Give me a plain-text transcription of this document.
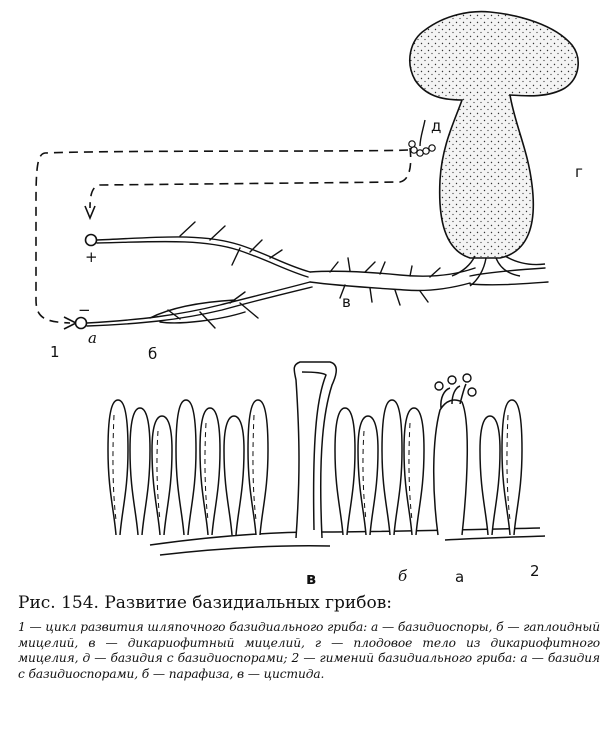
+
−
а
1	б
в
г
д
в	б	а	2

Рис. 154. Развитие базидиальных грибов:

1 — цикл развития шляпочного базидиального гриба: а — базидиоспоры, б — гаплоидный мицелий, в — дикариофитный мицелий, г — плодовое тело из дикариофитного мицелия, д — базидия с базидиоспорами; 2 — гимений базидиального гриба: а — базидия с базидиоспорами, б — парафиза, в — цистида.
